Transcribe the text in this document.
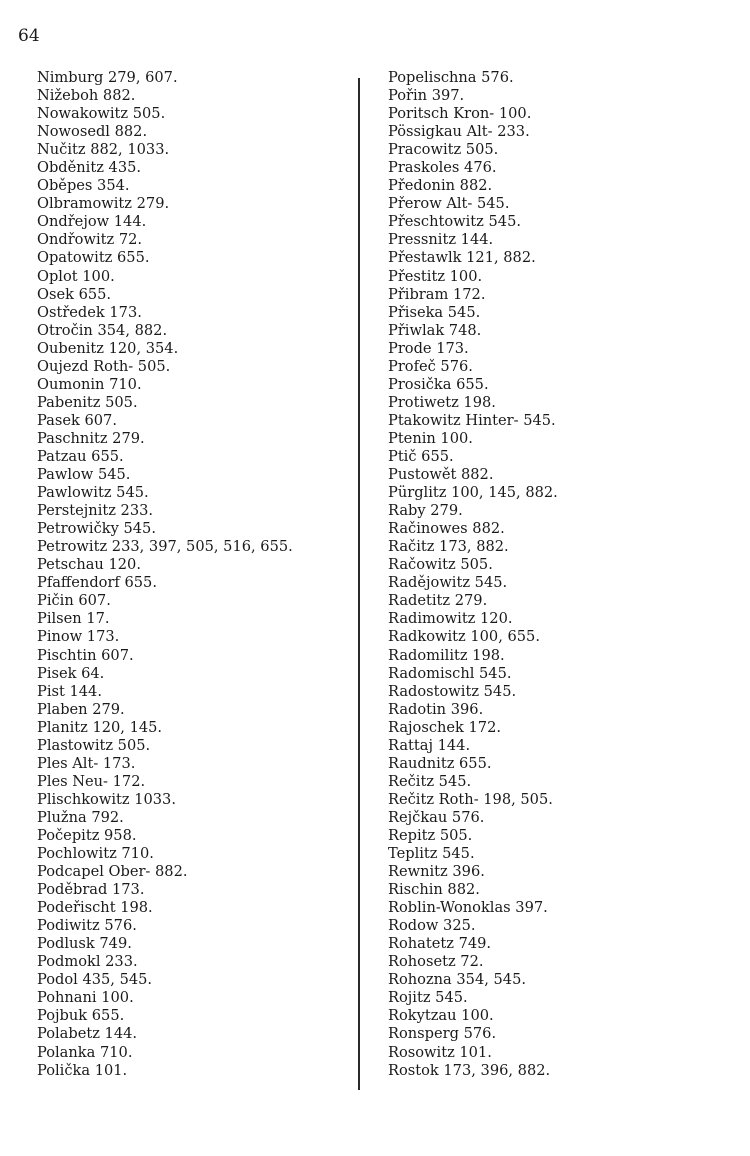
64
Nimburg 279, 607.
Nižeboh 882.
Nowakowitz 505.
Nowosedl 882.
Nučitz 882, 1033.
Obděnitz 435.
Oběpes 354.
Olbramowitz 279.
Ondřejow 144.
Ondřowitz 72.
Opatowitz 655.
Oplot 100.
Osek 655.
Ostředek 173.
Otročin 354, 882.
Oubenitz 120, 354.
Oujezd Roth- 505.
Oumonin 710.
Pabenitz 505.
Pasek 607.
Paschnitz 279.
Patzau 655.
Pawlow 545.
Pawlowitz 545.
Perstejnitz 233.
Petrowičky 545.
Petrowitz 233, 397, 505, 516, 655.
Petschau 120.
Pfaffendorf 655.
Pičin 607.
Pilsen 17.
Pinow 173.
Pischtin 607.
Pisek 64.
Pist 144.
Plaben 279.
Planitz 120, 145.
Plastowitz 505.
Ples Alt- 173.
Ples Neu- 172.
Plischkowitz 1033.
Plužna 792.
Počepitz 958.
Pochlowitz 710.
Podcapel Ober- 882.
Poděbrad 173.
Podeřischt 198.
Podiwitz 576.
Podlusk 749.
Podmokl 233.
Podol 435, 545.
Pohnani 100.
Pojbuk 655.
Polabetz 144.
Polanka 710.
Polička 101.
Popelischna 576.
Pořin 397.
Poritsch Kron- 100.
Pössigkau Alt- 233.
Pracowitz 505.
Praskoles 476.
Předonin 882.
Přerow Alt- 545.
Přeschtowitz 545.
Pressnitz 144.
Přestawlk 121, 882.
Přestitz 100.
Přibram 172.
Přiseka 545.
Přiwlak 748.
Prode 173.
Profeč 576.
Prosička 655.
Protiwetz 198.
Ptakowitz Hinter- 545.
Ptenin 100.
Ptič 655.
Pustowět 882.
Pürglitz 100, 145, 882.
Raby 279.
Račinowes 882.
Račitz 173, 882.
Račowitz 505.
Radějowitz 545.
Radetitz 279.
Radimowitz 120.
Radkowitz 100, 655.
Radomilitz 198.
Radomischl 545.
Radostowitz 545.
Radotin 396.
Rajoschek 172.
Rattaj 144.
Raudnitz 655.
Rečitz 545.
Rečitz Roth- 198, 505.
Rejčkau 576.
Repitz 505.
Teplitz 545.
Rewnitz 396.
Rischin 882.
Roblin-Wonoklas 397.
Rodow 325.
Rohatetz 749.
Rohosetz 72.
Rohozna 354, 545.
Rojitz 545.
Rokytzau 100.
Ronsperg 576.
Rosowitz 101.
Rostok 173, 396, 882.
